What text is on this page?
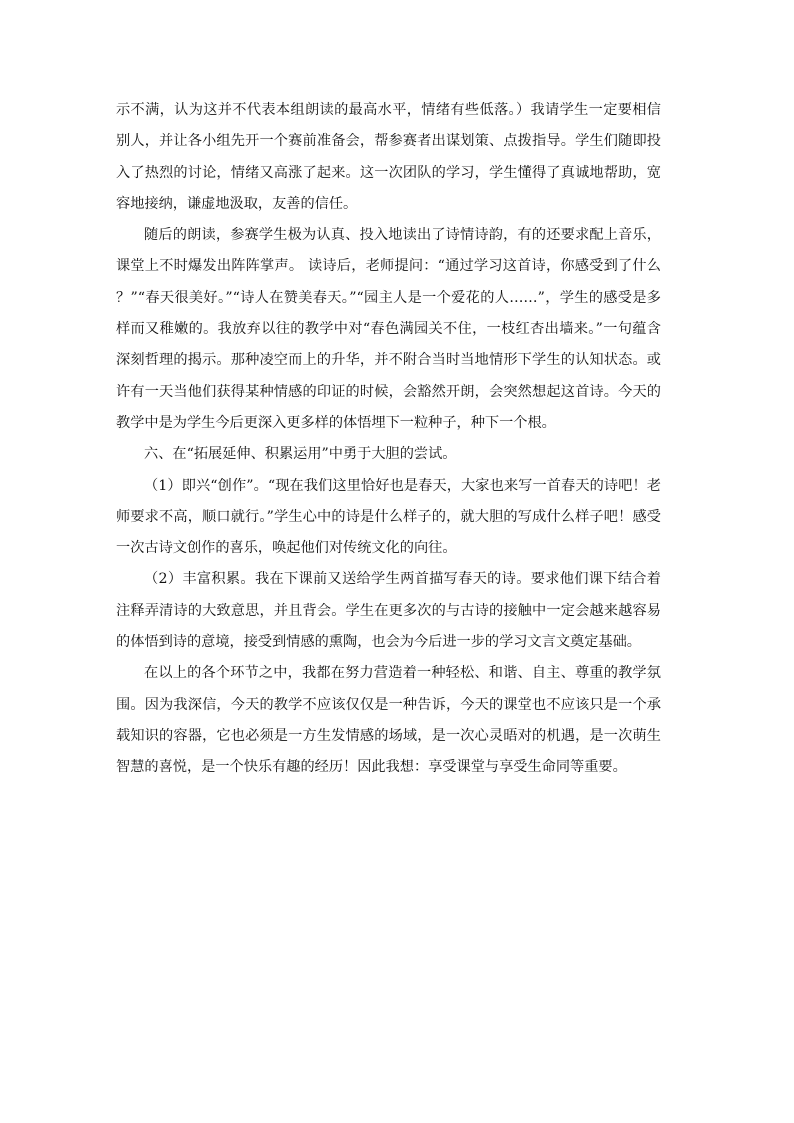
示不满，认为这并不代表本组朗读的最高水平，情绪有些低落。）我请学生一定要相信别人，并让各小组先开一个赛前准备会，帮参赛者出谋划策、点拨指导。学生们随即投入了热烈的讨论，情绪又高涨了起来。这一次团队的学习，学生懂得了真诚地帮助，宽容地接纳，谦虚地汲取，友善的信任。

随后的朗读，参赛学生极为认真、投入地读出了诗情诗韵，有的还要求配上音乐，课堂上不时爆发出阵阵掌声。 读诗后，老师提问：“通过学习这首诗，你感受到了什么？”“春天很美好。”“诗人在赞美春天。”“园主人是一个爱花的人……”，学生的感受是多样而又稚嫩的。我放弃以往的教学中对“春色满园关不住，一枝红杏出墙来。”一句蕴含深刻哲理的揭示。那种凌空而上的升华，并不附合当时当地情形下学生的认知状态。或许有一天当他们获得某种情感的印证的时候，会豁然开朗，会突然想起这首诗。今天的教学中是为学生今后更深入更多样的体悟埋下一粒种子，种下一个根。

六、在“拓展延伸、积累运用”中勇于大胆的尝试。

（1）即兴“创作”。“现在我们这里恰好也是春天，大家也来写一首春天的诗吧！老师要求不高，顺口就行。”学生心中的诗是什么样子的，就大胆的写成什么样子吧！感受一次古诗文创作的喜乐，唤起他们对传统文化的向往。

（2）丰富积累。我在下课前又送给学生两首描写春天的诗。要求他们课下结合着注释弄清诗的大致意思，并且背会。学生在更多次的与古诗的接触中一定会越来越容易的体悟到诗的意境，接受到情感的熏陶，也会为今后进一步的学习文言文奠定基础。

在以上的各个环节之中，我都在努力营造着一种轻松、和谐、自主、尊重的教学氛围。因为我深信，今天的教学不应该仅仅是一种告诉，今天的课堂也不应该只是一个承载知识的容器，它也必须是一方生发情感的场域，是一次心灵晤对的机遇，是一次萌生智慧的喜悦，是一个快乐有趣的经历！因此我想：享受课堂与享受生命同等重要。
